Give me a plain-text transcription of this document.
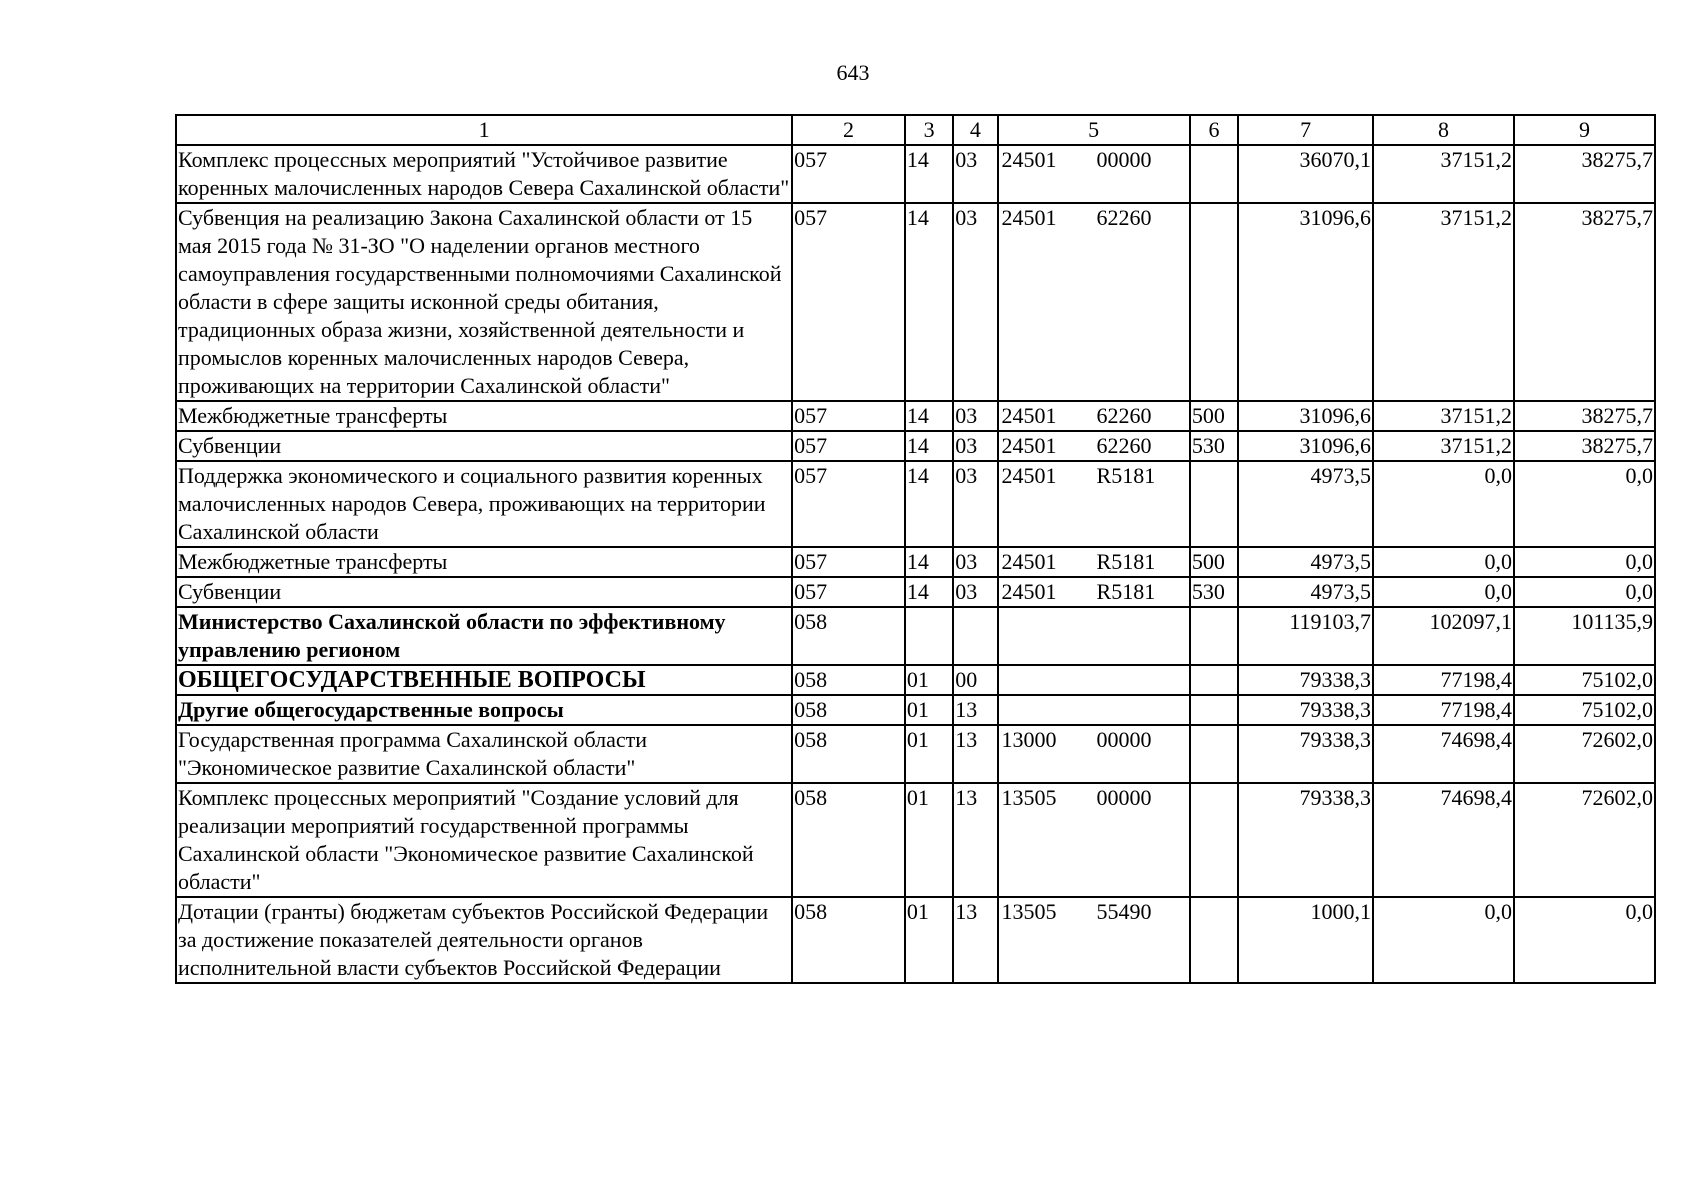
643
1	2	3	4	5	6	7	8	9
Комплекс процессных мероприятий "Устойчивое развитие коренных малочисленных народов Севера Сахалинской области"	057	14	03	24501 00000		36070,1	37151,2	38275,7
Субвенция на реализацию Закона Сахалинской области от 15 мая 2015 года № 31-ЗО "О наделении органов местного самоуправления государственными полномочиями Сахалинской области в сфере защиты исконной среды обитания, традиционных образа жизни, хозяйственной деятельности и промыслов коренных малочисленных народов Севера, проживающих на территории Сахалинской области"	057	14	03	24501 62260		31096,6	37151,2	38275,7
Межбюджетные трансферты	057	14	03	24501 62260	500	31096,6	37151,2	38275,7
Субвенции	057	14	03	24501 62260	530	31096,6	37151,2	38275,7
Поддержка экономического и социального развития коренных малочисленных народов Севера, проживающих на территории Сахалинской области	057	14	03	24501 R5181		4973,5	0,0	0,0
Межбюджетные трансферты	057	14	03	24501 R5181	500	4973,5	0,0	0,0
Субвенции	057	14	03	24501 R5181	530	4973,5	0,0	0,0
Министерство Сахалинской области по эффективному управлению регионом	058					119103,7	102097,1	101135,9
ОБЩЕГОСУДАРСТВЕННЫЕ ВОПРОСЫ	058	01	00			79338,3	77198,4	75102,0
Другие общегосударственные вопросы	058	01	13			79338,3	77198,4	75102,0
Государственная программа Сахалинской области "Экономическое развитие Сахалинской области"	058	01	13	13000 00000		79338,3	74698,4	72602,0
Комплекс процессных мероприятий "Создание условий для реализации мероприятий государственной программы Сахалинской области "Экономическое развитие Сахалинской области"	058	01	13	13505 00000		79338,3	74698,4	72602,0
Дотации (гранты) бюджетам субъектов Российской Федерации за достижение показателей деятельности органов исполнительной власти субъектов Российской Федерации	058	01	13	13505 55490		1000,1	0,0	0,0
